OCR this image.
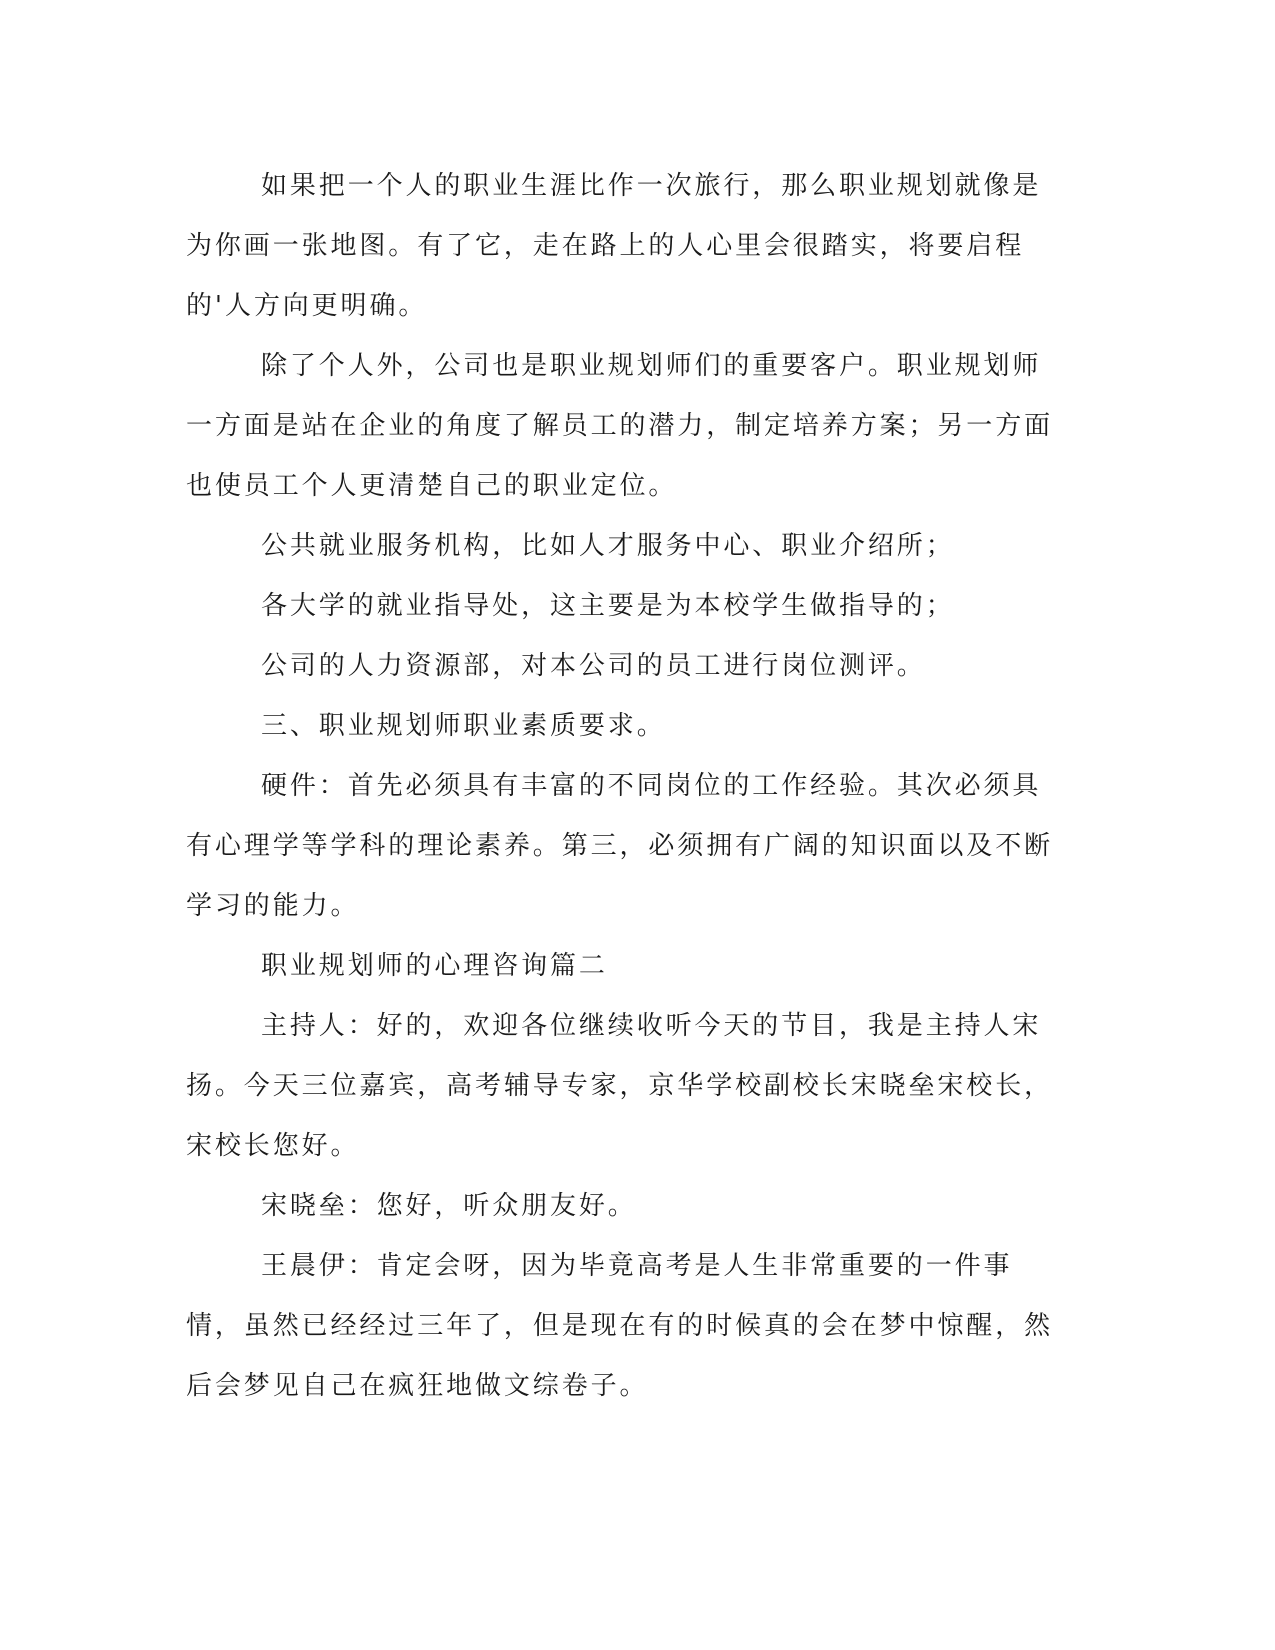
如果把一个人的职业生涯比作一次旅行，那么职业规划就像是为你画一张地图。有了它，走在路上的人心里会很踏实，将要启程的'人方向更明确。

除了个人外，公司也是职业规划师们的重要客户。职业规划师一方面是站在企业的角度了解员工的潜力，制定培养方案；另一方面也使员工个人更清楚自己的职业定位。

公共就业服务机构，比如人才服务中心、职业介绍所；

各大学的就业指导处，这主要是为本校学生做指导的；

公司的人力资源部，对本公司的员工进行岗位测评。

三、职业规划师职业素质要求。

硬件：首先必须具有丰富的不同岗位的工作经验。其次必须具有心理学等学科的理论素养。第三，必须拥有广阔的知识面以及不断学习的能力。

职业规划师的心理咨询篇二

主持人：好的，欢迎各位继续收听今天的节目，我是主持人宋扬。今天三位嘉宾，高考辅导专家，京华学校副校长宋晓垒宋校长，宋校长您好。

宋晓垒：您好，听众朋友好。

王晨伊：肯定会呀，因为毕竟高考是人生非常重要的一件事情，虽然已经经过三年了，但是现在有的时候真的会在梦中惊醒，然后会梦见自己在疯狂地做文综卷子。
